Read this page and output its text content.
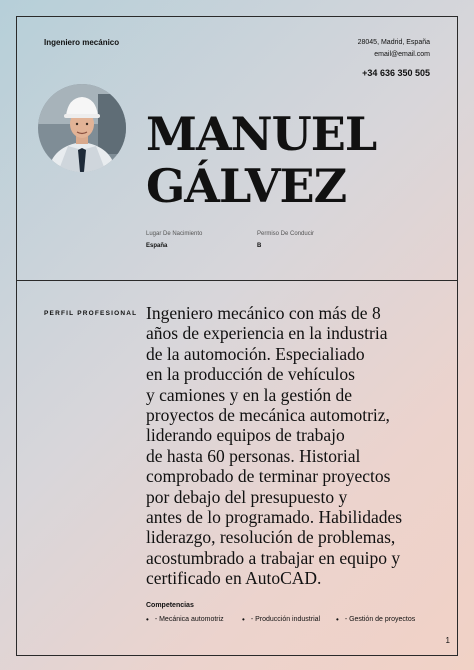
Ingeniero mecánico	28045, Madrid, España
email@email.com
+34 636 350 505
MANUEL
GÁLVEZ
Lugar De Nacimiento
España
Permiso De Conducir
B
PERFIL PROFESIONAL Ingeniero mecánico con más de 8
años de experiencia en la industria
de la automoción. Especialiado
en la producción de vehículos
y camiones y en la gestión de
proyectos de mecánica automotriz,
liderando equipos de trabajo
de hasta 60 personas. Historial
comprobado de terminar proyectos
por debajo del presupuesto y
antes de lo programado. Habilidades
liderazgo, resolución de problemas,
acostumbrado a trabajar en equipo y
certificado en AutoCAD.
Competencias
• - Mecánica automotriz • - Producción industrial • - Gestión de proyectos
1
